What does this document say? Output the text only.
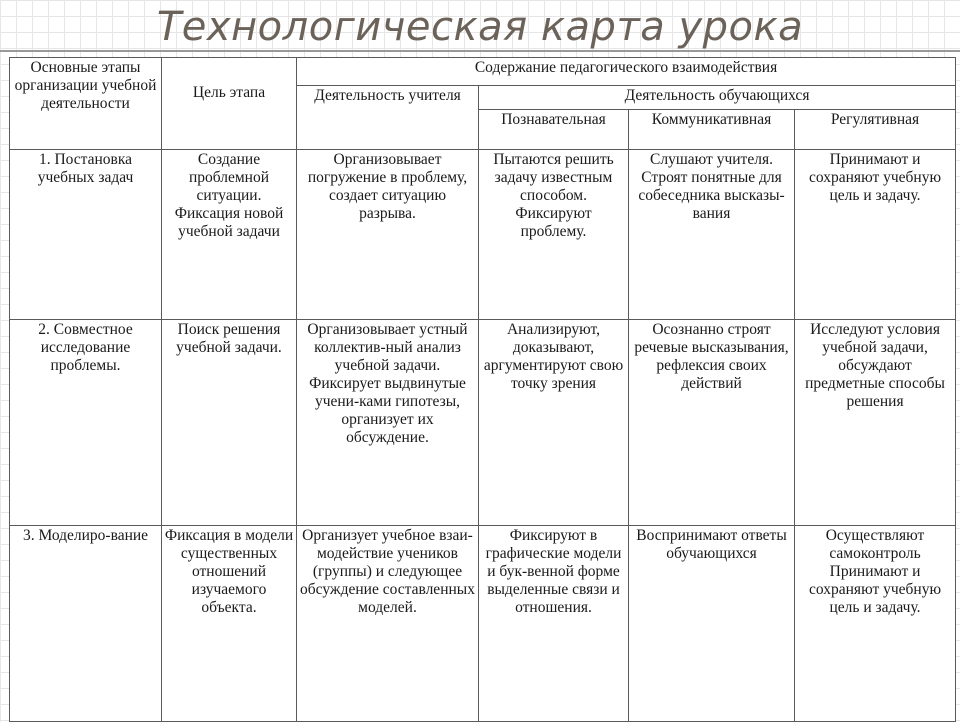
Технологическая карта урока
Основные этапы организации учебной деятельности	Цель этапа	Содержание педагогического взаимодействия			
		Деятельность учителя	Деятельность обучающихся		
			Познавательная	Коммуникативная	Регулятивная
1. Постановка учебных задач	Создание проблемной ситуации. Фиксация новой учебной задачи	Организовывает погружение в проблему, создает ситуацию разрыва.	Пытаются решить задачу известным способом. Фиксируют проблему.	Слушают учителя. Строят понятные для собеседника высказы-вания	Принимают и сохраняют учебную цель и задачу.
2. Совместное исследование проблемы.	Поиск решения учебной задачи.	Организовывает устный коллектив-ный анализ учебной задачи. Фиксирует выдвинутые учени-ками гипотезы, организует их обсуждение.	Анализируют, доказывают, аргументируют свою точку зрения	Осознанно строят речевые высказывания, рефлексия своих действий	Исследуют условия учебной задачи, обсуждают предметные способы решения
3. Моделиро-вание	Фиксация в модели существенных отношений изучаемого объекта.	Организует учебное взаи-модействие учеников (группы) и следующее обсуждение составленных моделей.	Фиксируют в графические модели и бук-венной форме выделенные связи и отношения.	Воспринимают ответы обучающихся	Осуществляют самоконтроль Принимают и сохраняют учебную цель и задачу.
